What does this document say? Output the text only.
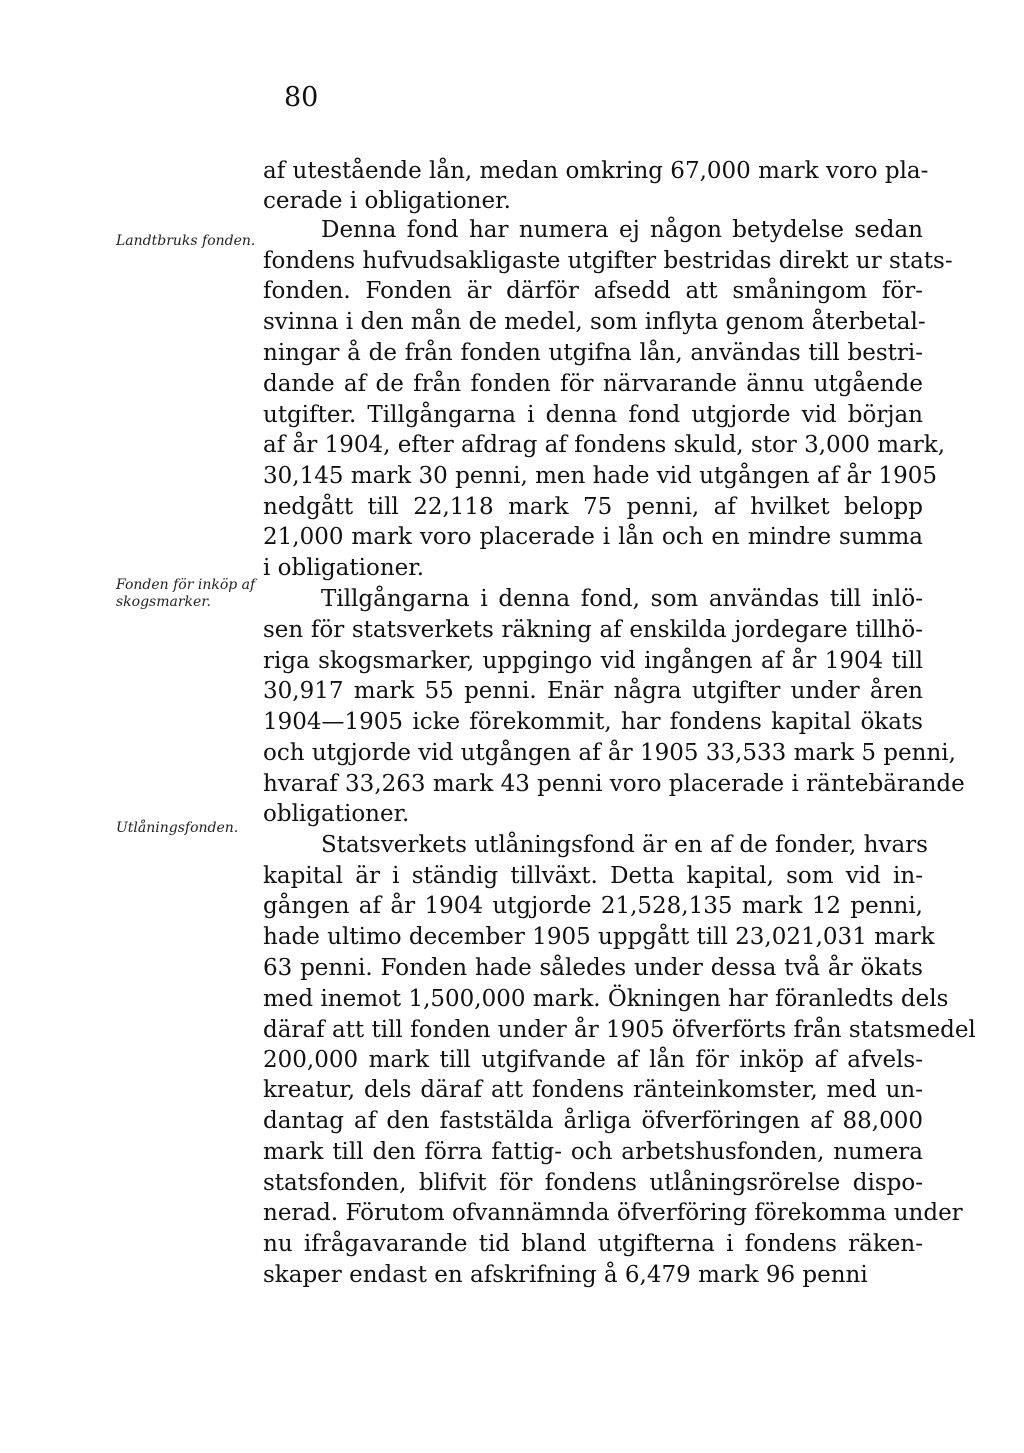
80
Landtbruks fonden.
Fonden för inköp af skogsmarker.
Utlåningsfonden.
af utestående lån, medan omkring 67,000 mark voro pla-
cerade i obligationer.
Denna fond har numera ej någon betydelse sedan
fondens hufvudsakligaste utgifter bestridas direkt ur stats-
fonden. Fonden är därför afsedd att småningom för-
svinna i den mån de medel, som inflyta genom återbetal-
ningar å de från fonden utgifna lån, användas till bestri-
dande af de från fonden för närvarande ännu utgående
utgifter. Tillgångarna i denna fond utgjorde vid början
af år 1904, efter afdrag af fondens skuld, stor 3,000 mark,
30,145 mark 30 penni, men hade vid utgången af år 1905
nedgått till 22,118 mark 75 penni, af hvilket belopp
21,000 mark voro placerade i lån och en mindre summa
i obligationer.
Tillgångarna i denna fond, som användas till inlö-
sen för statsverkets räkning af enskilda jordegare tillhö-
riga skogsmarker, uppgingo vid ingången af år 1904 till
30,917 mark 55 penni. Enär några utgifter under åren
1904—1905 icke förekommit, har fondens kapital ökats
och utgjorde vid utgången af år 1905 33,533 mark 5 penni,
hvaraf 33,263 mark 43 penni voro placerade i räntebärande
obligationer.
Statsverkets utlåningsfond är en af de fonder, hvars
kapital är i ständig tillväxt. Detta kapital, som vid in-
gången af år 1904 utgjorde 21,528,135 mark 12 penni,
hade ultimo december 1905 uppgått till 23,021,031 mark
63 penni. Fonden hade således under dessa två år ökats
med inemot 1,500,000 mark. Ökningen har föranledts dels
däraf att till fonden under år 1905 öfverförts från statsmedel
200,000 mark till utgifvande af lån för inköp af afvels-
kreatur, dels däraf att fondens ränteinkomster, med un-
dantag af den faststälda årliga öfverföringen af 88,000
mark till den förra fattig- och arbetshusfonden, numera
statsfonden, blifvit för fondens utlåningsrörelse dispo-
nerad. Förutom ofvannämnda öfverföring förekomma under
nu ifrågavarande tid bland utgifterna i fondens räken-
skaper endast en afskrifning å 6,479 mark 96 penni
